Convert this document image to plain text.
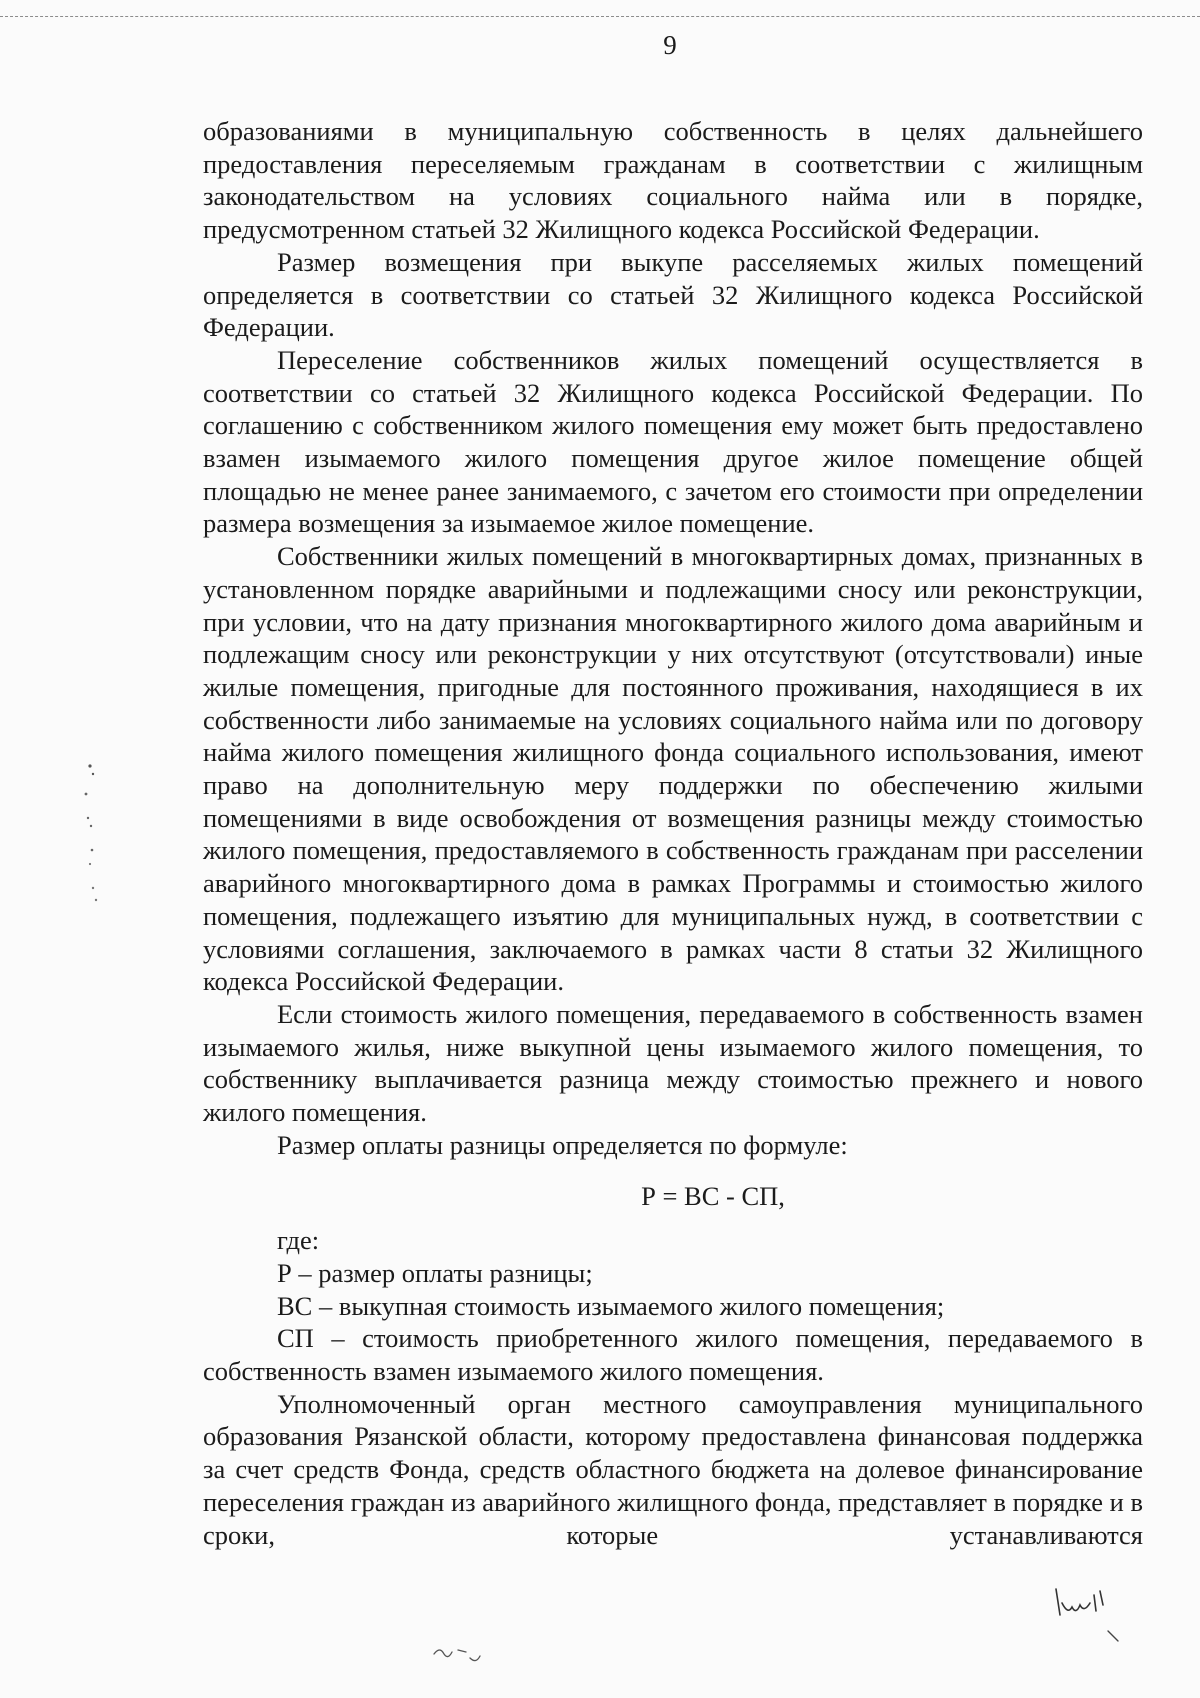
9

образованиями в муниципальную собственность в целях дальнейшего предоставления переселяемым гражданам в соответствии с жилищным законодательством на условиях социального найма или в порядке, предусмотренном статьей 32 Жилищного кодекса Российской Федерации.

Размер возмещения при выкупе расселяемых жилых помещений определяется в соответствии со статьей 32 Жилищного кодекса Российской Федерации.

Переселение собственников жилых помещений осуществляется в соответствии со статьей 32 Жилищного кодекса Российской Федерации. По соглашению с собственником жилого помещения ему может быть предоставлено взамен изымаемого жилого помещения другое жилое помещение общей площадью не менее ранее занимаемого, с зачетом его стоимости при определении размера возмещения за изымаемое жилое помещение.

Собственники жилых помещений в многоквартирных домах, признанных в установленном порядке аварийными и подлежащими сносу или реконструкции, при условии, что на дату признания многоквартирного жилого дома аварийным и подлежащим сносу или реконструкции у них отсутствуют (отсутствовали) иные жилые помещения, пригодные для постоянного проживания, находящиеся в их собственности либо занимаемые на условиях социального найма или по договору найма жилого помещения жилищного фонда социального использования, имеют право на дополнительную меру поддержки по обеспечению жилыми помещениями в виде освобождения от возмещения разницы между стоимостью жилого помещения, предоставляемого в собственность гражданам при расселении аварийного многоквартирного дома в рамках Программы и стоимостью жилого помещения, подлежащего изъятию для муниципальных нужд, в соответствии с условиями соглашения, заключаемого в рамках части 8 статьи 32 Жилищного кодекса Российской Федерации.

Если стоимость жилого помещения, передаваемого в собственность взамен изымаемого жилья, ниже выкупной цены изымаемого жилого помещения, то собственнику выплачивается разница между стоимостью прежнего и нового жилого помещения.

Размер оплаты разницы определяется по формуле:

Р = ВС - СП,

где:

Р – размер оплаты разницы;

ВС – выкупная стоимость изымаемого жилого помещения;

СП – стоимость приобретенного жилого помещения, передаваемого в собственность взамен изымаемого жилого помещения.

Уполномоченный орган местного самоуправления муниципального образования Рязанской области, которому предоставлена финансовая поддержка за счет средств Фонда, средств областного бюджета на долевое финансирование переселения граждан из аварийного жилищного фонда, представляет в порядке и в сроки, которые устанавливаются
